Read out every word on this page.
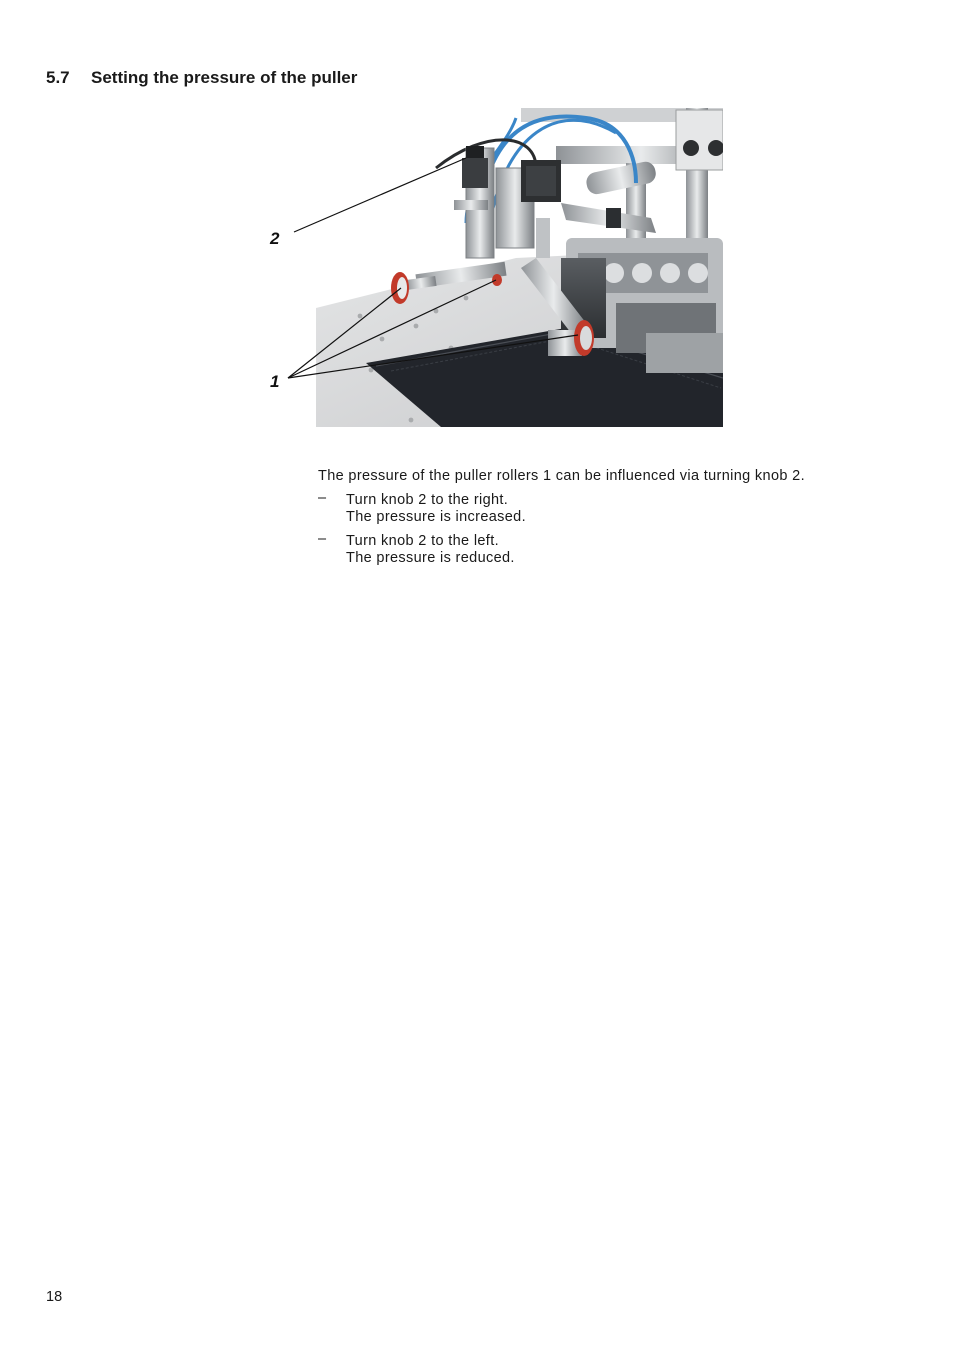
5.7 Setting the pressure of the puller
2
1

The pressure of the puller rollers 1 can be influenced via turning knob 2.

– Turn knob 2 to the right.
The pressure is increased.
– Turn knob 2 to the left.
The pressure is reduced.
18
